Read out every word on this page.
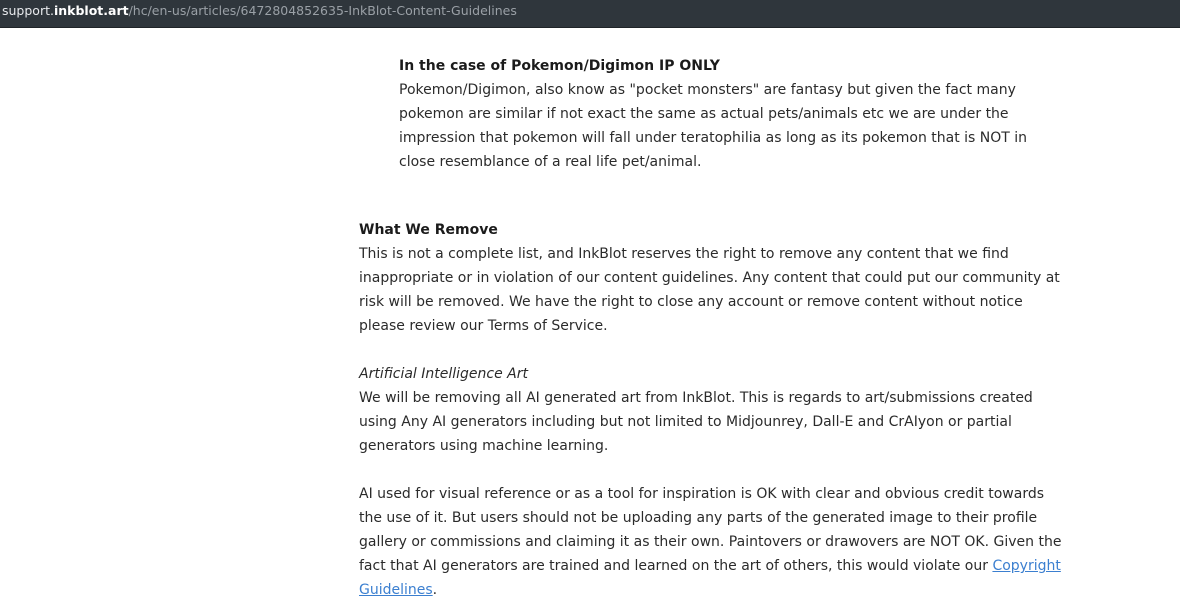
support.inkblot.art/hc/en-us/articles/6472804852635-InkBlot-Content-Guidelines
In the case of Pokemon/Digimon IP ONLY

Pokemon/Digimon, also know as "pocket monsters" are fantasy but given the fact many pokemon are similar if not exact the same as actual pets/animals etc we are under the impression that pokemon will fall under teratophilia as long as its pokemon that is NOT in close resemblance of a real life pet/animal.

What We Remove

This is not a complete list, and InkBlot reserves the right to remove any content that we find inappropriate or in violation of our content guidelines. Any content that could put our community at risk will be removed. We have the right to close any account or remove content without notice please review our Terms of Service.

Artificial Intelligence Art

We will be removing all AI generated art from InkBlot. This is regards to art/submissions created using Any AI generators including but not limited to Midjounrey, Dall-E and CrAIyon or partial generators using machine learning.

AI used for visual reference or as a tool for inspiration is OK with clear and obvious credit towards the use of it. But users should not be uploading any parts of the generated image to their profile gallery or commissions and claiming it as their own. Paintovers or drawovers are NOT OK. Given the fact that AI generators are trained and learned on the art of others, this would violate our Copyright Guidelines.
